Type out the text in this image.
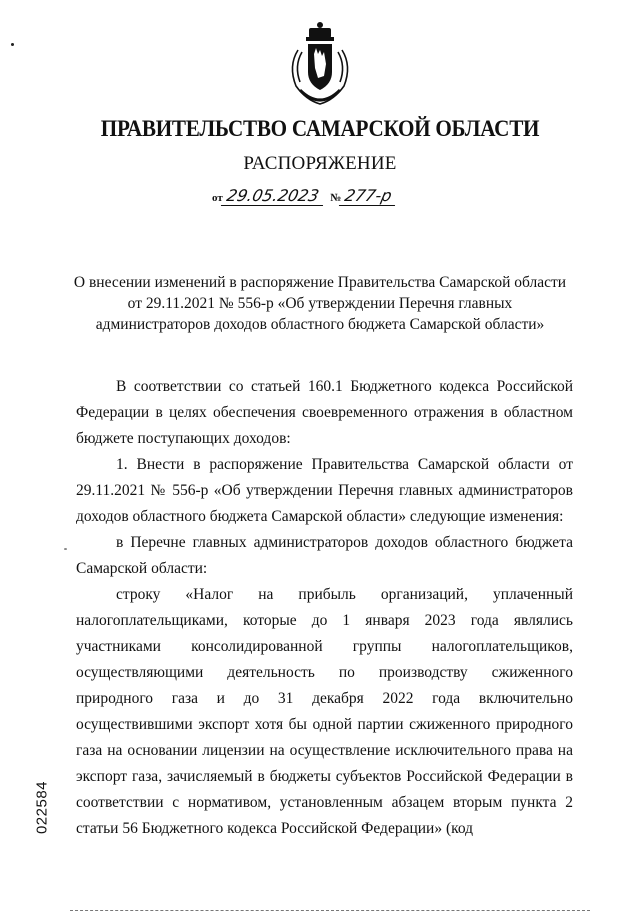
ПРАВИТЕЛЬСТВО САМАРСКОЙ ОБЛАСТИ
РАСПОРЯЖЕНИЕ
от 29.05.2023 № 277-р
О внесении изменений в распоряжение Правительства Самарской области от 29.11.2021 № 556-р «Об утверждении Перечня главных администраторов доходов областного бюджета Самарской области»

В соответствии со статьей 160.1 Бюджетного кодекса Российской Федерации в целях обеспечения своевременного отражения в областном бюджете поступающих доходов:

1. Внести в распоряжение Правительства Самарской области от 29.11.2021 № 556-р «Об утверждении Перечня главных администраторов доходов областного бюджета Самарской области» следующие изменения:

в Перечне главных администраторов доходов областного бюджета Самарской области:

строку «Налог на прибыль организаций, уплаченный налогоплательщиками, которые до 1 января 2023 года являлись участниками консолидированной группы налогоплательщиков, осуществляющими деятельность по производству сжиженного природного газа и до 31 декабря 2022 года включительно осуществившими экспорт хотя бы одной партии сжиженного природного газа на основании лицензии на осуществление исключительного права на экспорт газа, зачисляемый в бюджеты субъектов Российской Федерации в соответствии с нормативом, установленным абзацем вторым пункта 2 статьи 56 Бюджетного кодекса Российской Федерации» (код

022584
